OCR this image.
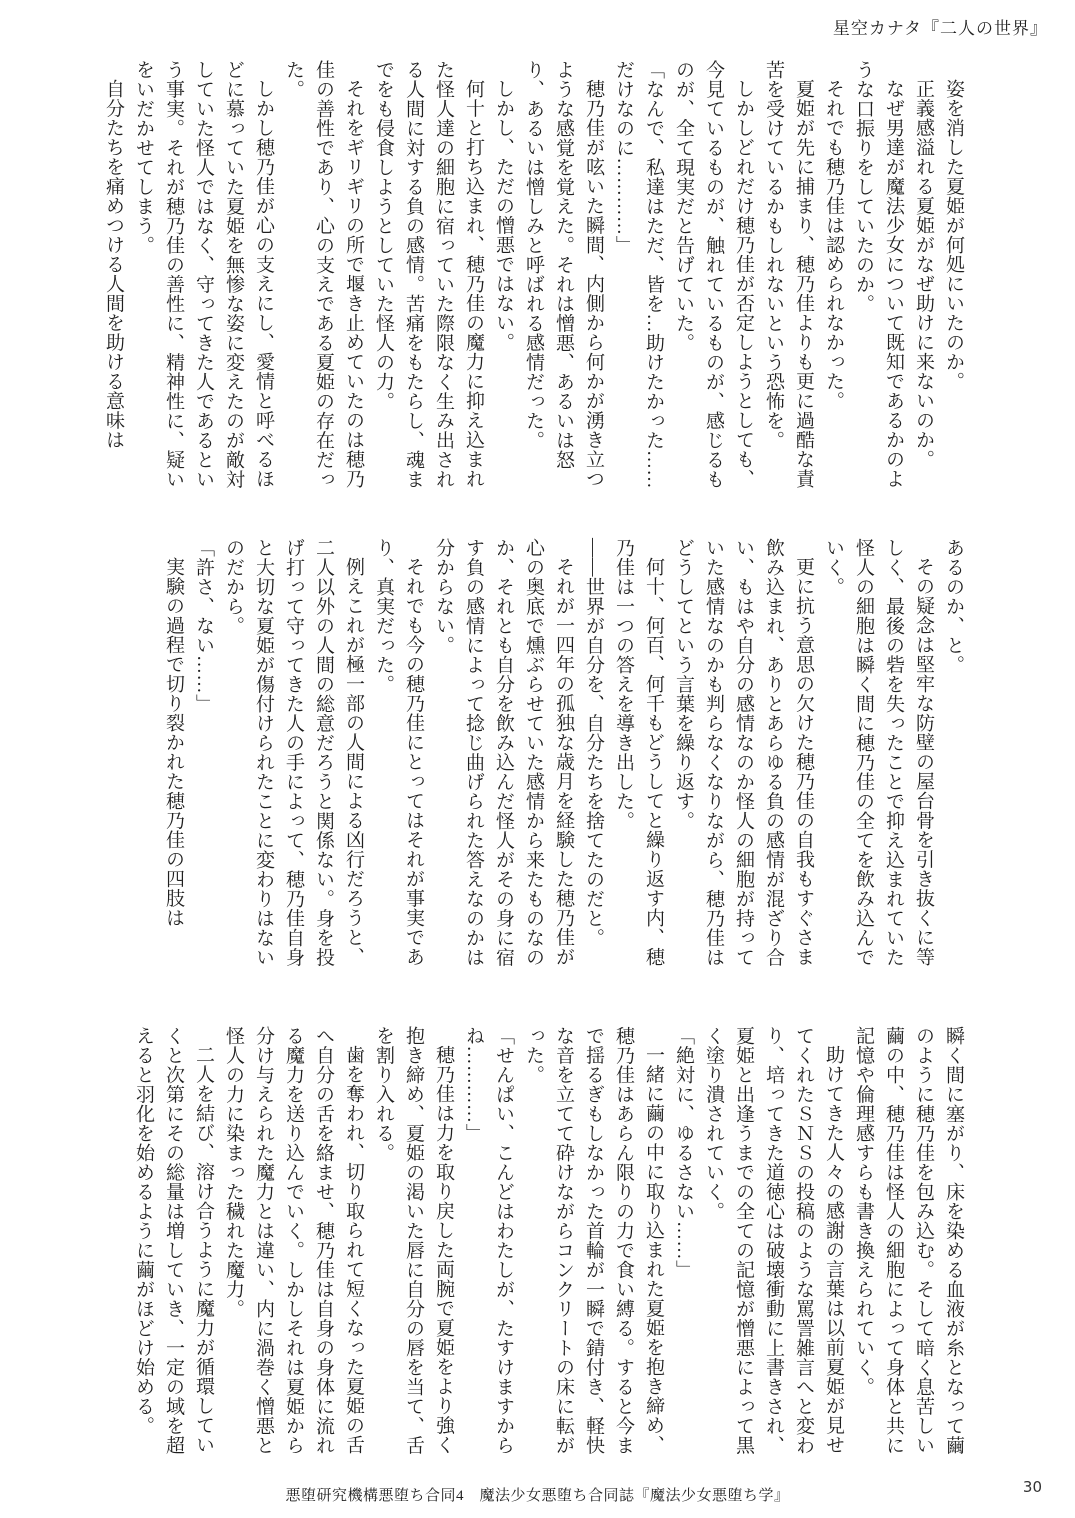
星空カナタ『二人の世界』

姿を消した夏姫が何処にいたのか。

正義感溢れる夏姫がなぜ助けに来ないのか。

なぜ男達が魔法少女について既知であるかのような口振りをしていたのか。

それでも穂乃佳は認められなかった。

夏姫が先に捕まり、穂乃佳よりも更に過酷な責苦を受けているかもしれないという恐怖を。

しかしどれだけ穂乃佳が否定しようとしても、今見ているものが、触れているものが、感じるものが、全て現実だと告げていた。

「なんで、私達はただ、皆を…助けたかった……だけなのに…………」

穂乃佳が呟いた瞬間、内側から何かが湧き立つような感覚を覚えた。それは憎悪、あるいは怒り、あるいは憎しみと呼ばれる感情だった。

しかし、ただの憎悪ではない。

何十と打ち込まれ、穂乃佳の魔力に抑え込まれた怪人達の細胞に宿っていた際限なく生み出される人間に対する負の感情。苦痛をもたらし、魂までをも侵食しようとしていた怪人の力。

それをギリギリの所で堰き止めていたのは穂乃佳の善性であり、心の支えである夏姫の存在だった。

しかし穂乃佳が心の支えにし、愛情と呼べるほどに慕っていた夏姫を無惨な姿に変えたのが敵対していた怪人ではなく、守ってきた人であるという事実。それが穂乃佳の善性に、精神性に、疑いをいだかせてしまう。

自分たちを痛めつける人間を助ける意味は

あるのか、と。

その疑念は堅牢な防壁の屋台骨を引き抜くに等しく、最後の砦を失ったことで抑え込まれていた怪人の細胞は瞬く間に穂乃佳の全てを飲み込んでいく。

更に抗う意思の欠けた穂乃佳の自我もすぐさま飲み込まれ、ありとあらゆる負の感情が混ざり合い、もはや自分の感情なのか怪人の細胞が持っていた感情なのかも判らなくなりながら、穂乃佳はどうしてという言葉を繰り返す。

何十、何百、何千もどうしてと繰り返す内、穂乃佳は一つの答えを導き出した。

――世界が自分を、自分たちを捨てたのだと。

それが一四年の孤独な歳月を経験した穂乃佳が心の奥底で燻ぶらせていた感情から来たものなのか、それとも自分を飲み込んだ怪人がその身に宿す負の感情によって捻じ曲げられた答えなのかは分からない。

それでも今の穂乃佳にとってはそれが事実であり、真実だった。

例えこれが極一部の人間による凶行だろうと、二人以外の人間の総意だろうと関係ない。身を投げ打って守ってきた人の手によって、穂乃佳自身と大切な夏姫が傷付けられたことに変わりはないのだから。

「許さ、ない……」

実験の過程で切り裂かれた穂乃佳の四肢は

瞬く間に塞がり、床を染める血液が糸となって繭のように穂乃佳を包み込む。そして暗く息苦しい繭の中、穂乃佳は怪人の細胞によって身体と共に記憶や倫理感すらも書き換えられていく。

助けてきた人々の感謝の言葉は以前夏姫が見せてくれたＳＮＳの投稿のような罵詈雑言へと変わり、培ってきた道徳心は破壊衝動に上書きされ、夏姫と出逢うまでの全ての記憶が憎悪によって黒く塗り潰されていく。

「絶対に、ゆるさない……」

一緒に繭の中に取り込まれた夏姫を抱き締め、穂乃佳はあらん限りの力で食い縛る。すると今まで揺るぎもしなかった首輪が一瞬で錆付き、軽快な音を立てて砕けながらコンクリートの床に転がった。

「せんぱい、こんどはわたしが、たすけますからね…………」

穂乃佳は力を取り戻した両腕で夏姫をより強く抱き締め、夏姫の渇いた唇に自分の唇を当て、舌を割り入れる。

歯を奪われ、切り取られて短くなった夏姫の舌へ自分の舌を絡ませ、穂乃佳は自身の身体に流れる魔力を送り込んでいく。しかしそれは夏姫から分け与えられた魔力とは違い、内に渦巻く憎悪と怪人の力に染まった穢れた魔力。

二人を結び、溶け合うように魔力が循環していくと次第にその総量は増していき、一定の域を超えると羽化を始めるように繭がほどけ始める。

悪堕研究機構悪堕ち合同4　魔法少女悪堕ち合同誌『魔法少女悪堕ち学』	30
